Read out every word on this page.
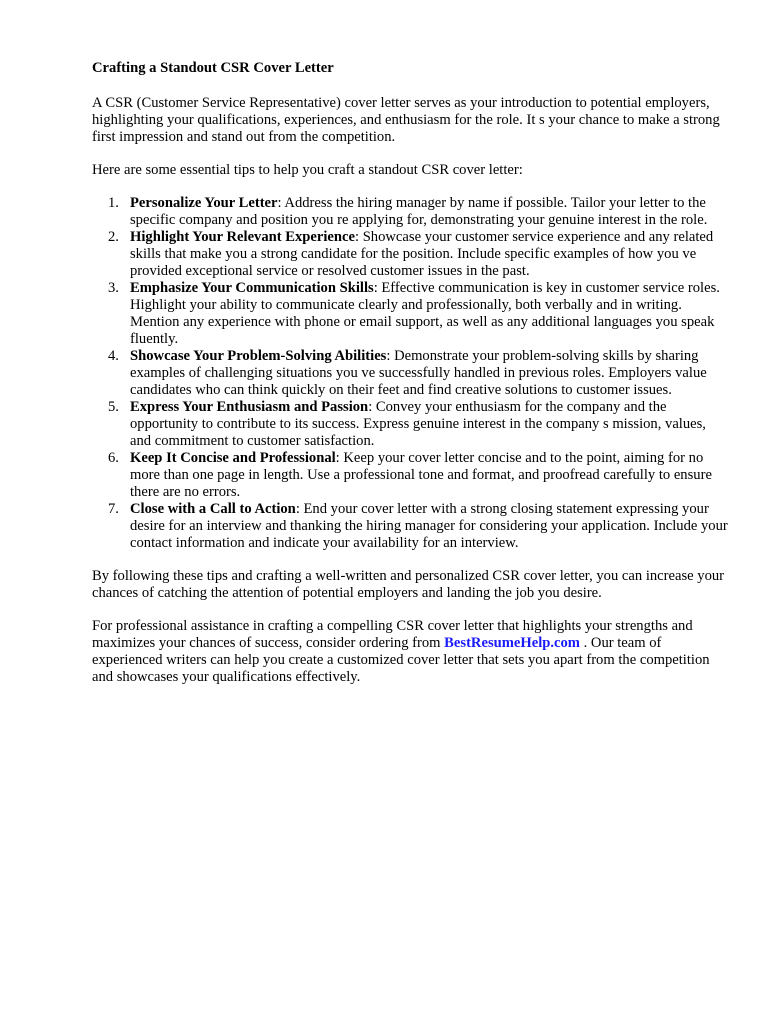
Crafting a Standout CSR Cover Letter

A CSR (Customer Service Representative) cover letter serves as your introduction to potential employers, highlighting your qualifications, experiences, and enthusiasm for the role. It s your chance to make a strong first impression and stand out from the competition.

Here are some essential tips to help you craft a standout CSR cover letter:

1. Personalize Your Letter: Address the hiring manager by name if possible. Tailor your letter to the specific company and position you re applying for, demonstrating your genuine interest in the role.
2. Highlight Your Relevant Experience: Showcase your customer service experience and any related skills that make you a strong candidate for the position. Include specific examples of how you ve provided exceptional service or resolved customer issues in the past.
3. Emphasize Your Communication Skills: Effective communication is key in customer service roles. Highlight your ability to communicate clearly and professionally, both verbally and in writing. Mention any experience with phone or email support, as well as any additional languages you speak fluently.
4. Showcase Your Problem-Solving Abilities: Demonstrate your problem-solving skills by sharing examples of challenging situations you ve successfully handled in previous roles. Employers value candidates who can think quickly on their feet and find creative solutions to customer issues.
5. Express Your Enthusiasm and Passion: Convey your enthusiasm for the company and the opportunity to contribute to its success. Express genuine interest in the company s mission, values, and commitment to customer satisfaction.
6. Keep It Concise and Professional: Keep your cover letter concise and to the point, aiming for no more than one page in length. Use a professional tone and format, and proofread carefully to ensure there are no errors.
7. Close with a Call to Action: End your cover letter with a strong closing statement expressing your desire for an interview and thanking the hiring manager for considering your application. Include your contact information and indicate your availability for an interview.

By following these tips and crafting a well-written and personalized CSR cover letter, you can increase your chances of catching the attention of potential employers and landing the job you desire.

For professional assistance in crafting a compelling CSR cover letter that highlights your strengths and maximizes your chances of success, consider ordering from BestResumeHelp.com . Our team of experienced writers can help you create a customized cover letter that sets you apart from the competition and showcases your qualifications effectively.
